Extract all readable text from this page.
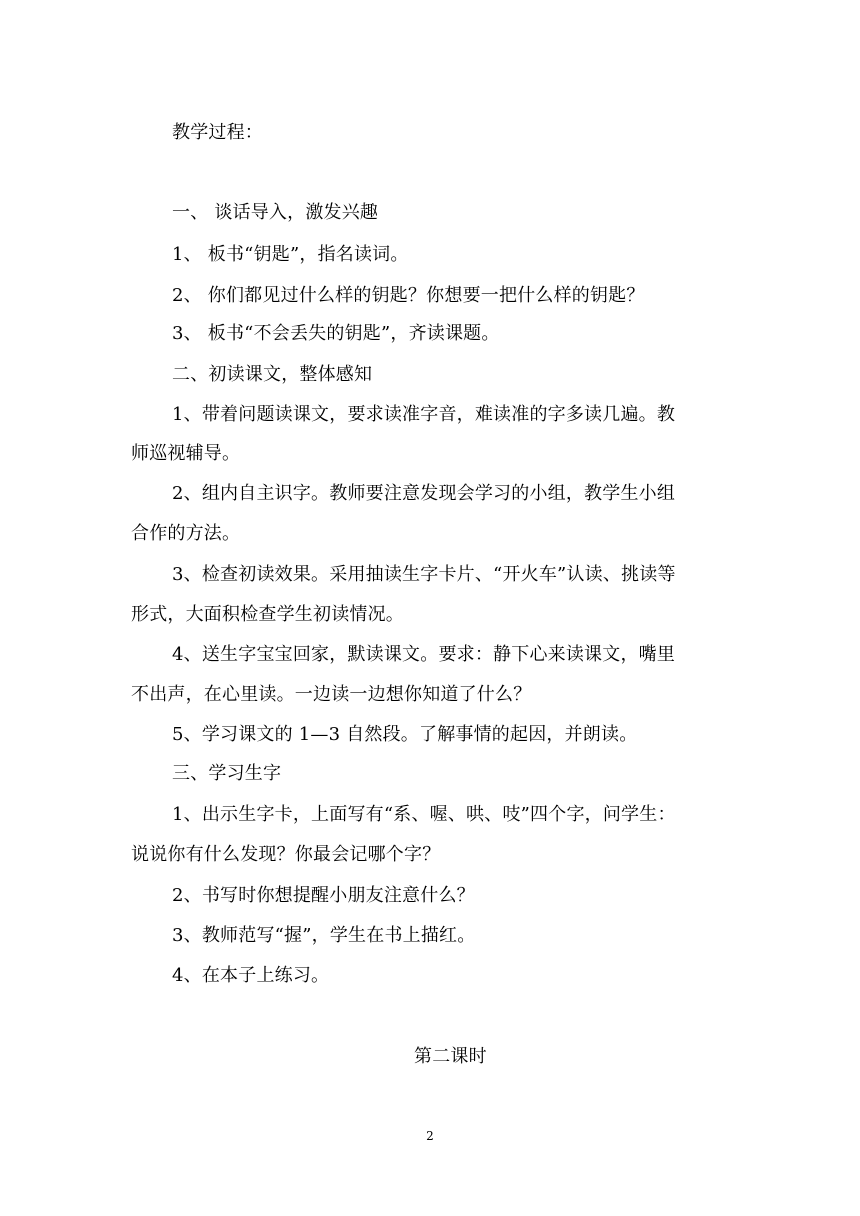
教学过程：
一、 谈话导入，激发兴趣
1、 板书“钥匙”，指名读词。
2、 你们都见过什么样的钥匙？你想要一把什么样的钥匙？
3、 板书“不会丢失的钥匙”，齐读课题。
二、初读课文，整体感知
1、带着问题读课文，要求读准字音，难读准的字多读几遍。教
师巡视辅导。
2、组内自主识字。教师要注意发现会学习的小组，教学生小组
合作的方法。
3、检查初读效果。采用抽读生字卡片、“开火车”认读、挑读等
形式，大面积检查学生初读情况。
4、送生字宝宝回家，默读课文。要求：静下心来读课文，嘴里
不出声，在心里读。一边读一边想你知道了什么？
5、学习课文的 1—3 自然段。了解事情的起因，并朗读。
三、学习生字
1、出示生字卡，上面写有“系、喔、哄、吱”四个字，问学生：
说说你有什么发现？你最会记哪个字？
2、书写时你想提醒小朋友注意什么？
3、教师范写“握”，学生在书上描红。
4、在本子上练习。
第二课时
2
